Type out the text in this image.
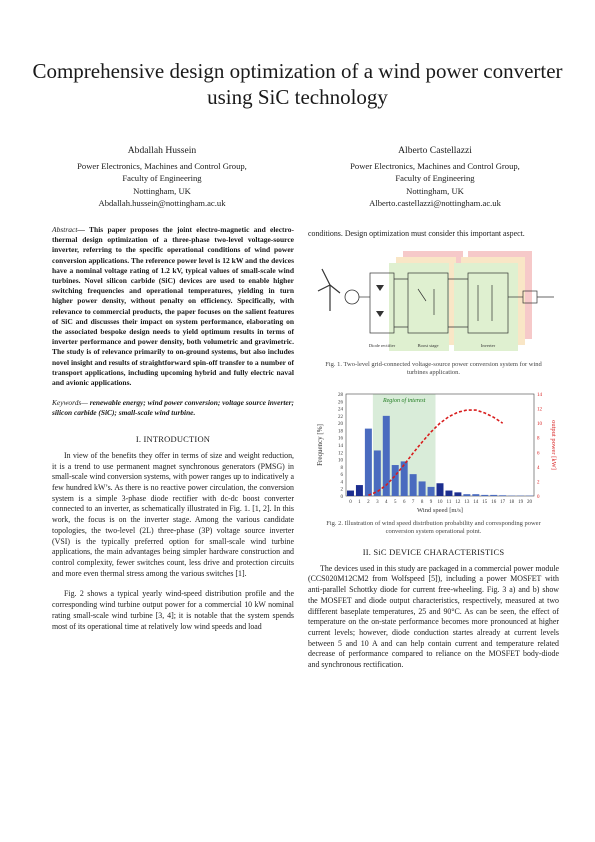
Comprehensive design optimization of a wind power converter using SiC technology
Abdallah Hussein
Power Electronics, Machines and Control Group,
Faculty of Engineering
Nottingham, UK
Abdallah.hussein@nottingham.ac.uk
Alberto Castellazzi
Power Electronics, Machines and Control Group,
Faculty of Engineering
Nottingham, UK
Alberto.castellazzi@nottingham.ac.uk
Abstract— This paper proposes the joint electro-magnetic and electro-thermal design optimization of a three-phase two-level voltage-source inverter, referring to the specific operational conditions of wind power conversion applications. The reference power level is 12 kW and the devices have a nominal voltage rating of 1.2 kV, typical values of small-scale wind turbines. Novel silicon carbide (SiC) devices are used to enable higher switching frequencies and operational temperatures, yielding in turn higher power density, without penalty on efficiency. Specifically, with relevance to commercial products, the paper focuses on the salient features of SiC and discusses their impact on system performance, elaborating on the associated bespoke design needs to yield optimum results in terms of inverter performance and power density, both volumetric and gravimetric. The study is of relevance primarily to on-ground systems, but also includes novel insight and results of straightforward spin-off transfer to a number of transport applications, including upcoming hybrid and fully electric naval and avionic applications.
Keywords— renewable energy; wind power conversion; voltage source inverter; silicon carbide (SiC); small-scale wind turbine.
I. INTRODUCTION

In view of the benefits they offer in terms of size and weight reduction, it is a trend to use permanent magnet synchronous generators (PMSG) in small-scale wind conversion systems, with power ranges up to indicatively a few hundred kW’s. As there is no reactive power circulation, the conversion system is a simple 3-phase diode rectifier with dc-dc boost converter connected to an inverter, as schematically illustrated in Fig. 1. [1, 2]. In this work, the focus is on the inverter stage. Among the various candidate topologies, the two-level (2L) three-phase (3P) voltage source inverter (VSI) is the typically preferred option for small-scale wind turbine applications, the main advantages being simpler hardware construction and control complexity, fewer switches count, less drive and protection circuits and more even thermal stress among the various switches [1].

Fig. 2 shows a typical yearly wind-speed distribution profile and the corresponding wind turbine output power for a commercial 10 kW nominal rating small-scale wind turbine [3, 4]; it is notable that the system spends most of its operational time at relatively low wind speeds and load

conditions. Design optimization must consider this important aspect.

Diode rectifier	Boost stage	Inverter
Fig. 1. Two-level grid-connected voltage-source power conversion system for wind turbines application.
Region of interest
0 1 2 3 4 5 6 7 8 9 10 11 12 13 14 15 16 17 18 19 20
0
2
4
6
8
10
12
14
16
18
20
22
24
26
28
0
2
4
6
8
10
12
14
Wind speed [m/s]
Frequency [%]	output power [kW]
Fig. 2. Illustration of wind speed distribution probability and corresponding power conversion system operational point.
II. SiC DEVICE CHARACTERISTICS

The devices used in this study are packaged in a commercial power module (CCS020M12CM2 from Wolfspeed [5]), including a power MOSFET with anti-parallel Schottky diode for current free-wheeling. Fig. 3 a) and b) show the MOSFET and diode output characteristics, respectively, measured at two diffferent baseplate temperatures, 25 and 90°C. As can be seen, the effect of temperature on the on-state performance becomes more pronounced at higher current levels; however, diode conduction startes already at current levels between 5 and 10 A and can help contain current and temperature related decrease of performance compared to reliance on the MOSFET body-diode and synchronous rectification.
